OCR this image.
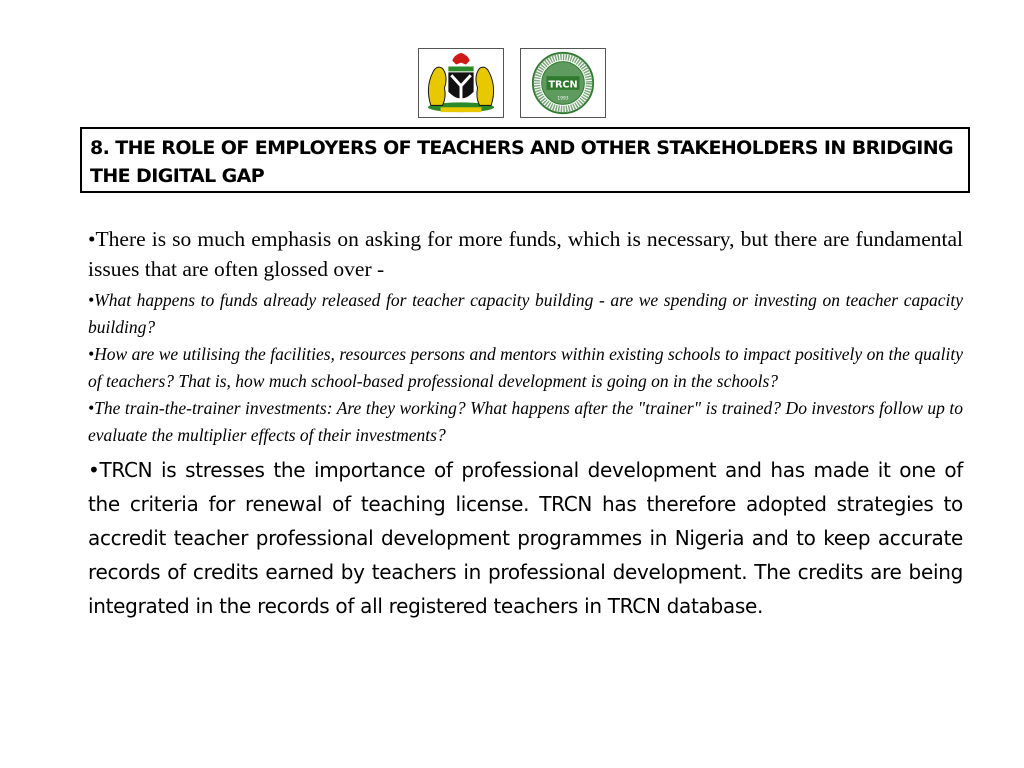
TRCN
1993
8. THE ROLE OF EMPLOYERS OF TEACHERS AND OTHER STAKEHOLDERS IN BRIDGING THE DIGITAL GAP

•There is so much emphasis on asking for more funds, which is necessary, but there are fundamental issues that are often glossed over -

•What happens to funds already released for teacher capacity building - are we spending or investing on teacher capacity building?

•How are we utilising the facilities, resources persons and mentors within existing schools to impact positively on the quality of teachers? That is, how much school-based professional development is going on in the schools?

•The train-the-trainer investments: Are they working? What happens after the "trainer" is trained? Do investors follow up to evaluate the multiplier effects of their investments?

•TRCN is stresses the importance of professional development and has made it one of the criteria for renewal of teaching license. TRCN has therefore adopted strategies to accredit teacher professional development programmes in Nigeria and to keep accurate records of credits earned by teachers in professional development. The credits are being integrated in the records of all registered teachers in TRCN database.
